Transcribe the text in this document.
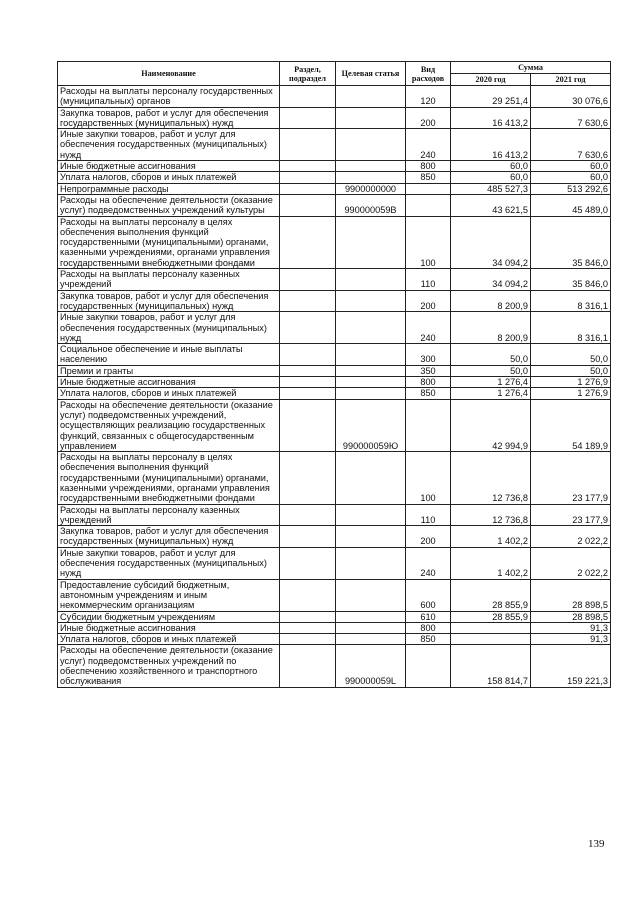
Наименование	Раздел, подраздел	Целевая статья	Вид расходов	Сумма	
				2020 год	2021 год
Расходы на выплаты персоналу государственных (муниципальных) органов			120	29 251,4	30 076,6
Закупка товаров, работ и услуг для обеспечения государственных (муниципальных) нужд			200	16 413,2	7 630,6
Иные закупки товаров, работ и услуг для обеспечения государственных (муниципальных) нужд			240	16 413,2	7 630,6
Иные бюджетные ассигнования			800	60,0	60,0
Уплата налогов, сборов и иных платежей			850	60,0	60,0
Непрограммные расходы		9900000000		485 527,3	513 292,6
Расходы на обеспечение деятельности (оказание услуг) подведомственных учреждений культуры		990000059В		43 621,5	45 489,0
Расходы на выплаты персоналу в целях обеспечения выполнения функций государственными (муниципальными) органами, казенными учреждениями, органами управления государственными внебюджетными фондами			100	34 094,2	35 846,0
Расходы на выплаты персоналу казенных учреждений			110	34 094,2	35 846,0
Закупка товаров, работ и услуг для обеспечения государственных (муниципальных) нужд			200	8 200,9	8 316,1
Иные закупки товаров, работ и услуг для обеспечения государственных (муниципальных) нужд			240	8 200,9	8 316,1
Социальное обеспечение и иные выплаты населению			300	50,0	50,0
Премии и гранты			350	50,0	50,0
Иные бюджетные ассигнования			800	1 276,4	1 276,9
Уплата налогов, сборов и иных платежей			850	1 276,4	1 276,9
Расходы на обеспечение деятельности (оказание услуг) подведомственных учреждений, осуществляющих реализацию государственных функций, связанных с общегосударственным управлением		990000059Ю		42 994,9	54 189,9
Расходы на выплаты персоналу в целях обеспечения выполнения функций государственными (муниципальными) органами, казенными учреждениями, органами управления государственными внебюджетными фондами			100	12 736,8	23 177,9
Расходы на выплаты персоналу казенных учреждений			110	12 736,8	23 177,9
Закупка товаров, работ и услуг для обеспечения государственных (муниципальных) нужд			200	1 402,2	2 022,2
Иные закупки товаров, работ и услуг для обеспечения государственных (муниципальных) нужд			240	1 402,2	2 022,2
Предоставление субсидий бюджетным, автономным учреждениям и иным некоммерческим организациям			600	28 855,9	28 898,5
Субсидии бюджетным учреждениям			610	28 855,9	28 898,5
Иные бюджетные ассигнования			800		91,3
Уплата налогов, сборов и иных платежей			850		91,3
Расходы на обеспечение деятельности (оказание услуг) подведомственных учреждений по обеспечению хозяйственного и транспортного обслуживания		990000059L		158 814,7	159 221,3
139
